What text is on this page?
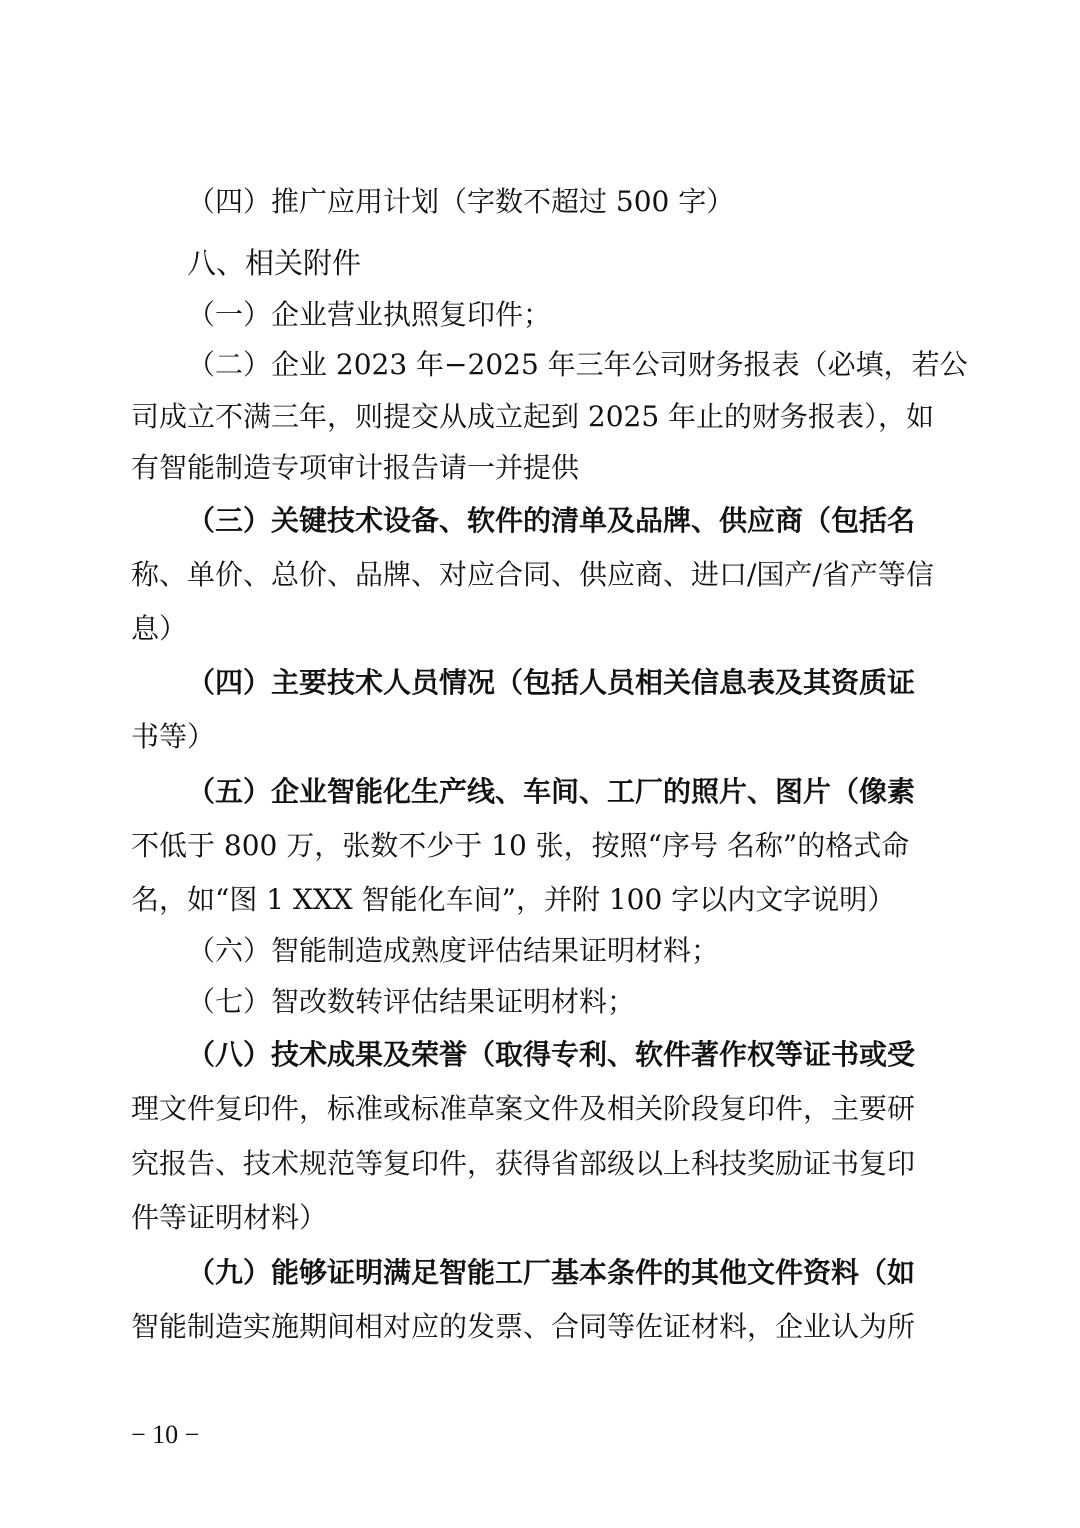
（四）推广应用计划（字数不超过 500 字）

八、相关附件

（一）企业营业执照复印件；

（二）企业 2023 年−2025 年三年公司财务报表（必填，若公

司成立不满三年，则提交从成立起到 2025 年止的财务报表），如

有智能制造专项审计报告请一并提供

（三）关键技术设备、软件的清单及品牌、供应商（包括名

称、单价、总价、品牌、对应合同、供应商、进口/国产/省产等信

息）

（四）主要技术人员情况（包括人员相关信息表及其资质证

书等）

（五）企业智能化生产线、车间、工厂的照片、图片（像素

不低于 800 万，张数不少于 10 张，按照“序号 名称”的格式命

名，如“图 1 XXX 智能化车间”，并附 100 字以内文字说明）

（六）智能制造成熟度评估结果证明材料；

（七）智改数转评估结果证明材料；

（八）技术成果及荣誉（取得专利、软件著作权等证书或受

理文件复印件，标准或标准草案文件及相关阶段复印件，主要研

究报告、技术规范等复印件，获得省部级以上科技奖励证书复印

件等证明材料）

（九）能够证明满足智能工厂基本条件的其他文件资料（如

智能制造实施期间相对应的发票、合同等佐证材料，企业认为所

− 10 −
